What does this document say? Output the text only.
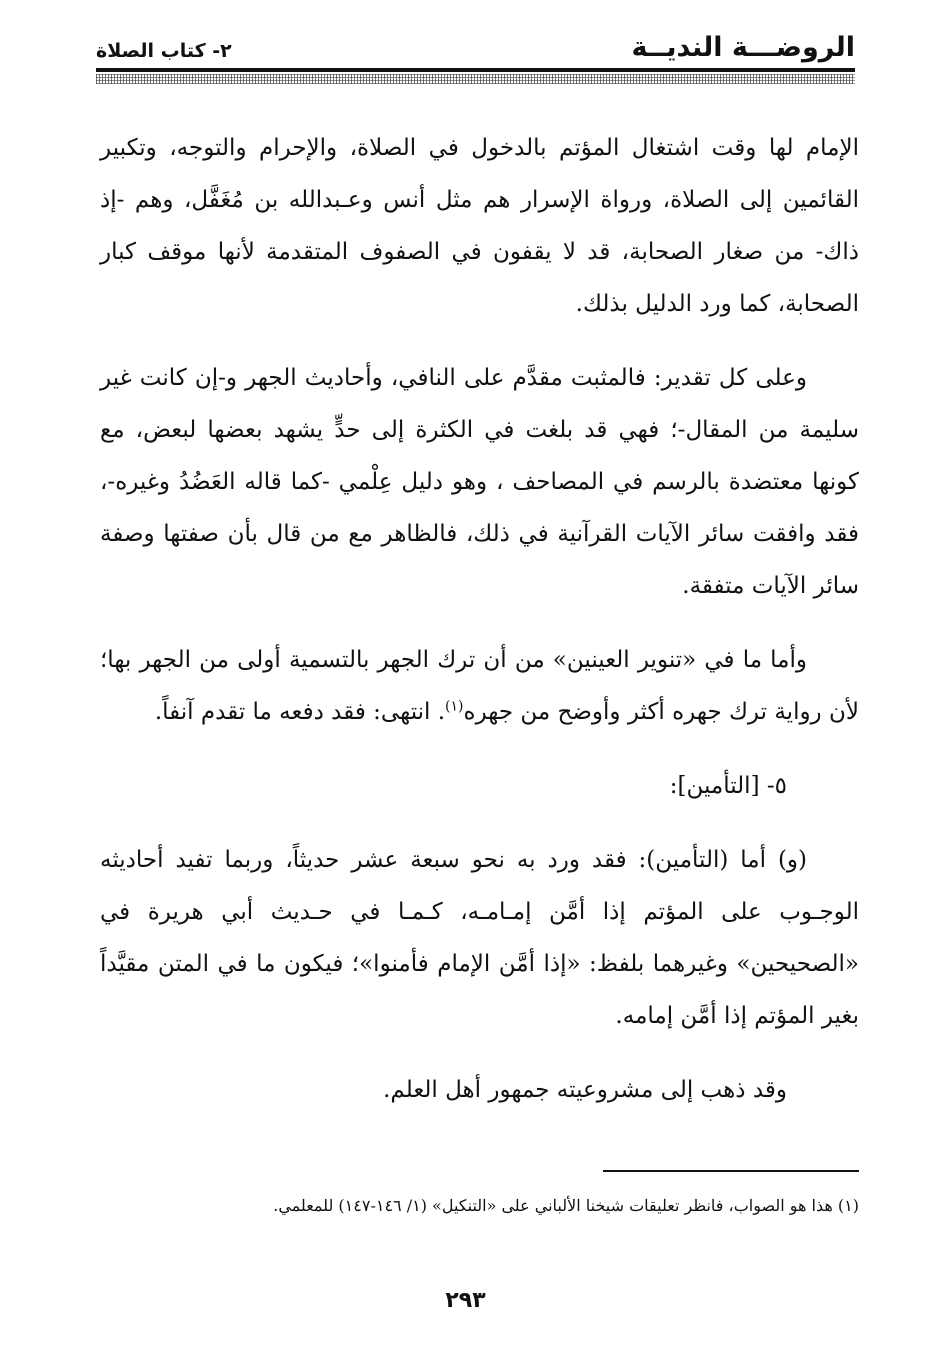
الروضـــة النديــة
٢- كتاب الصلاة

الإمام لها وقت اشتغال المؤتم بالدخول في الصلاة، والإحرام والتوجه، وتكبير القائمين إلى الصلاة، ورواة الإسرار هم مثل أنس وعـبدالله بن مُغَفَّل، وهم -إذ ذاك- من صغار الصحابة، قد لا يقفون في الصفوف المتقدمة لأنها موقف كبار الصحابة، كما ورد الدليل بذلك.

وعلى كل تقدير: فالمثبت مقدَّم على النافي، وأحاديث الجهر و-إن كانت غير سليمة من المقال-؛ فهي قد بلغت في الكثرة إلى حدٍّ يشهد بعضها لبعض، مع كونها معتضدة بالرسم في المصاحف ، وهو دليل عِلْمي -كما قاله العَضُدُ وغيره-، فقد وافقت سائر الآيات القرآنية في ذلك، فالظاهر مع من قال بأن صفتها وصفة سائر الآيات متفقة.

وأما ما في «تنوير العينين» من أن ترك الجهر بالتسمية أولى من الجهر بها؛ لأن رواية ترك جهره أكثر وأوضح من جهره$^{(١)}$. انتهى: فقد دفعه ما تقدم آنفاً.

٥- [التأمين]:

(و) أما (التأمين): فقد ورد به نحو سبعة عشر حديثاً، وربما تفيد أحاديثه الوجـوب على المؤتم إذا أمَّن إمـامـه، كـمـا في حـديث أبي هريرة في «الصحيحين» وغيرهما بلفظ: «إذا أمَّن الإمام فأمنوا»؛ فيكون ما في المتن مقيَّداً بغير المؤتم إذا أمَّن إمامه.

وقد ذهب إلى مشروعيته جمهور أهل العلم.

(١) هذا هو الصواب، فانظر تعليقات شيخنا الألباني على «التنكيل» (١/ ١٤٦-١٤٧) للمعلمي.
٢٩٣
